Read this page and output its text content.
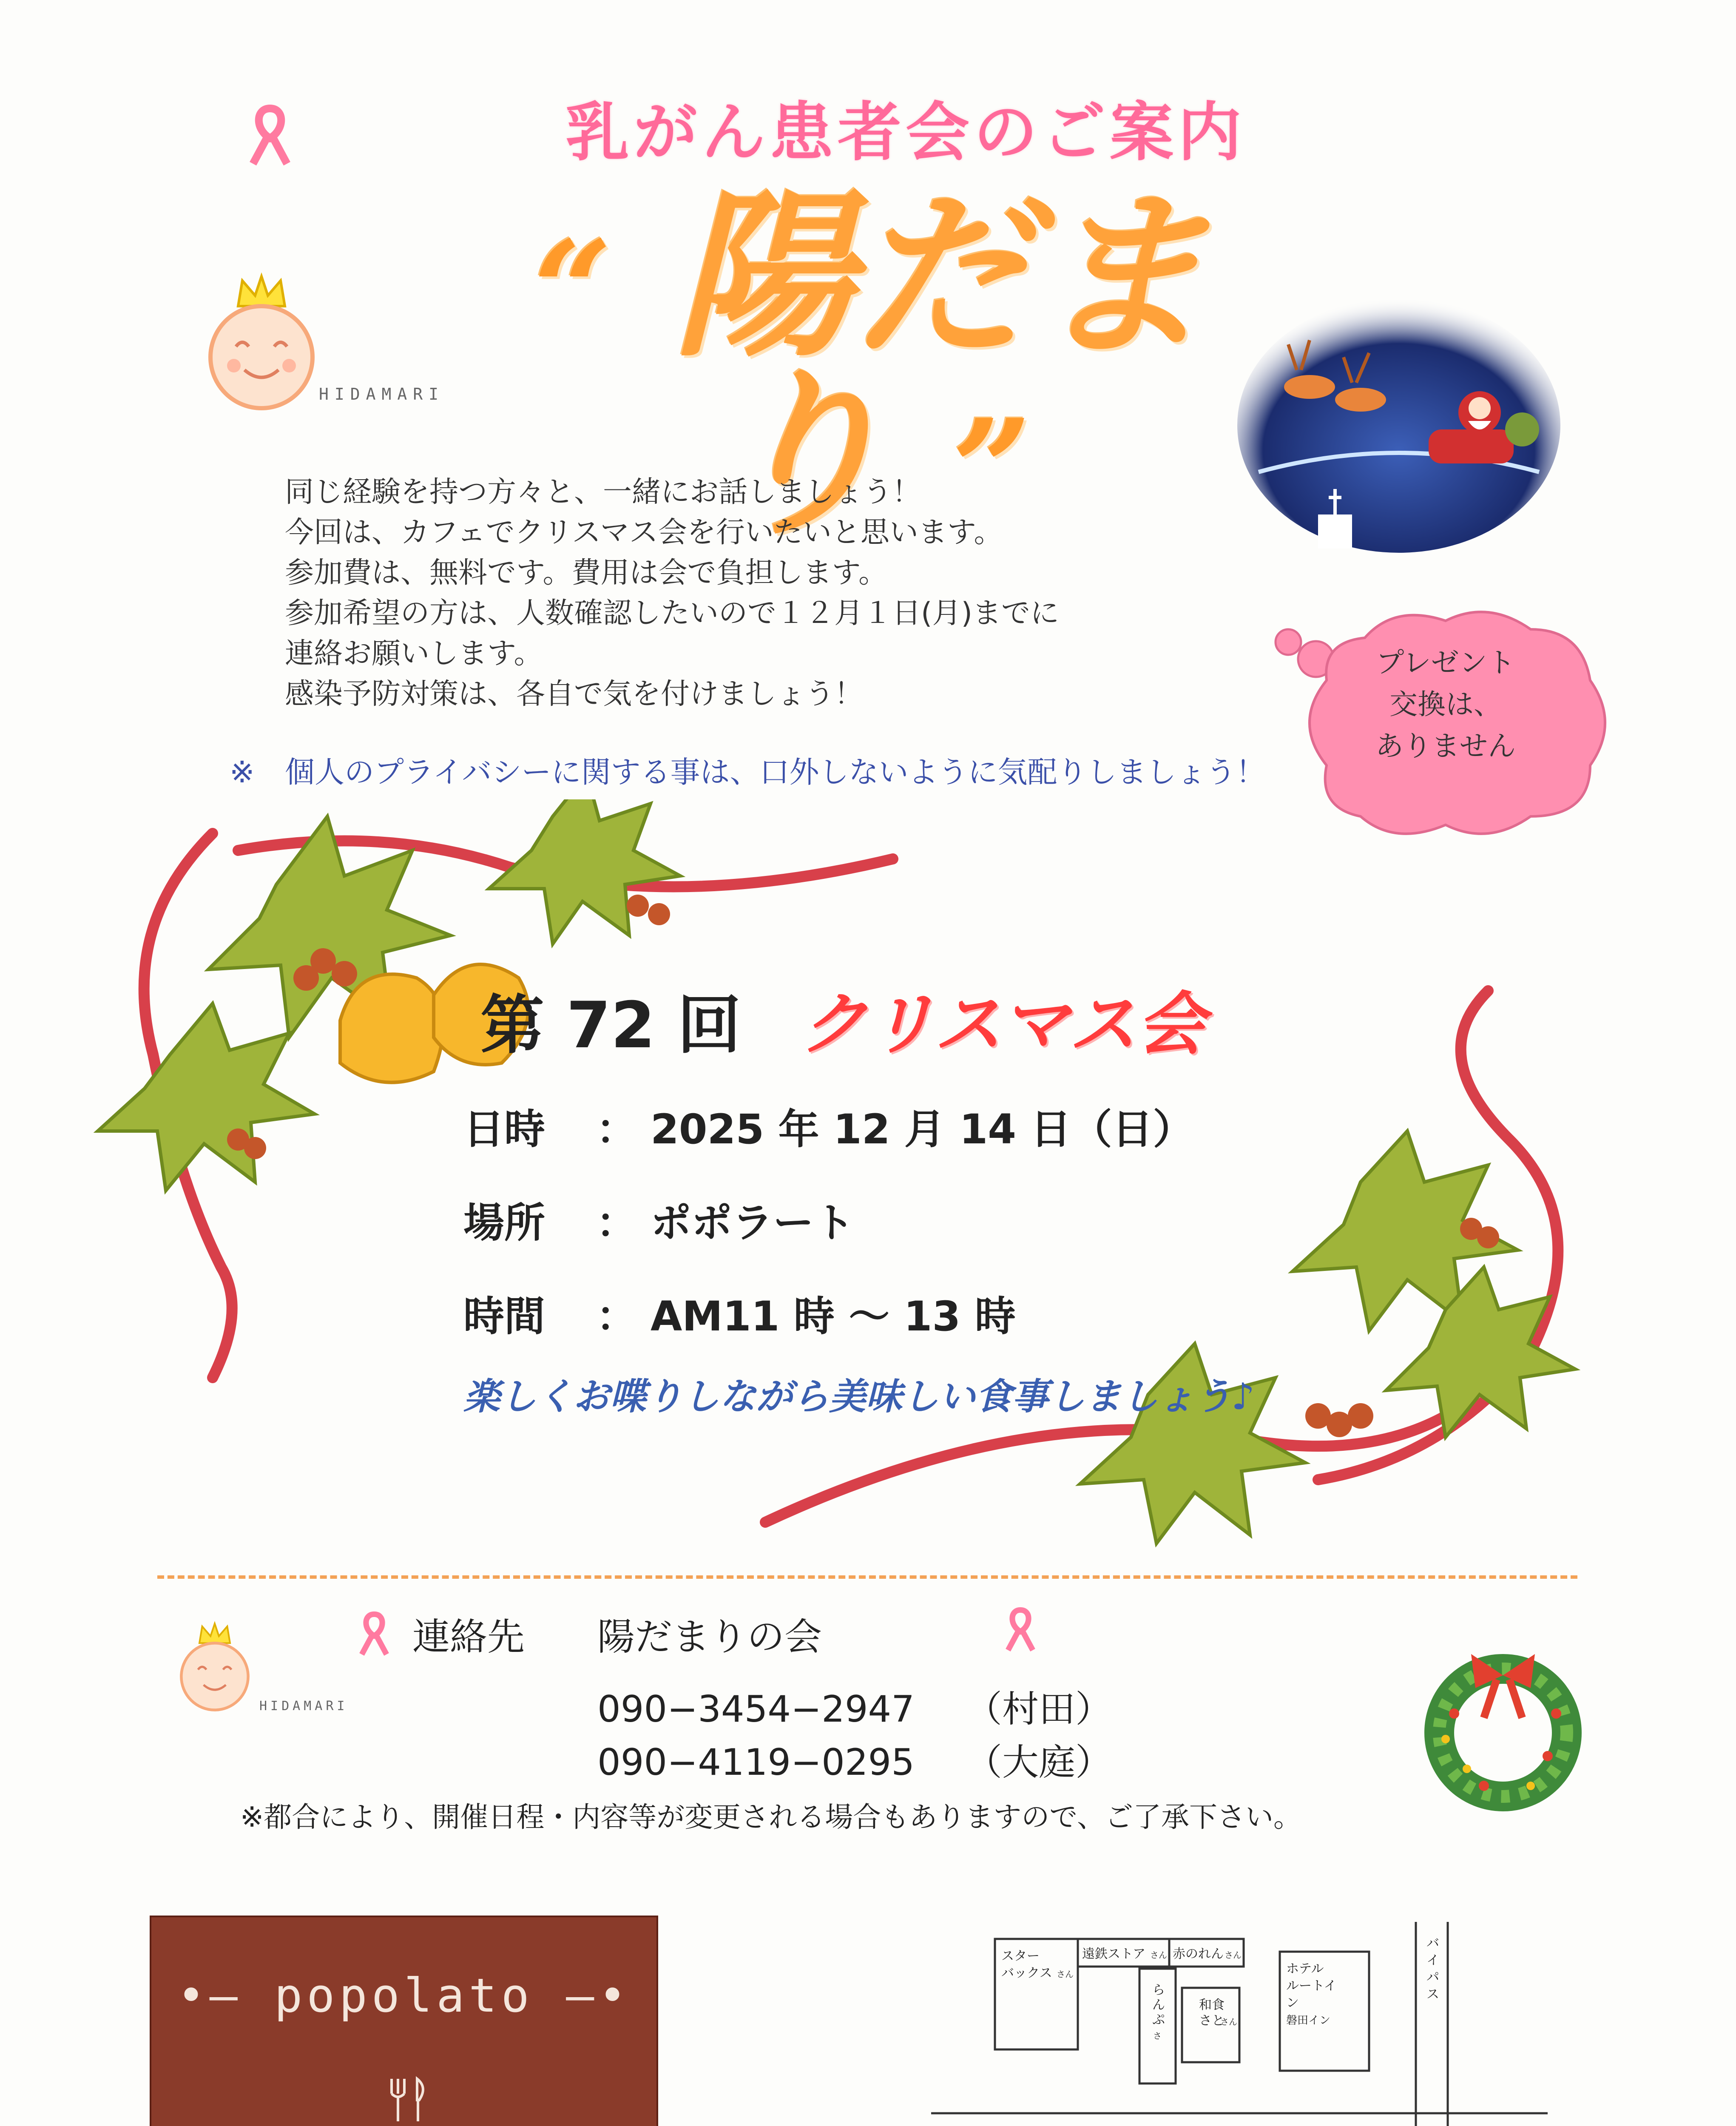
乳がん患者会のご案内
HIDAMARI
“ 陽だまり ”
同じ経験を持つ方々と、一緒にお話しましょう！
今回は、カフェでクリスマス会を行いたいと思います。
参加費は、無料です。費用は会で負担します。
参加希望の方は、人数確認したいので１２月１日(月)までに
連絡お願いします。
感染予防対策は、各自で気を付けましょう！
※ 個人のプライバシーに関する事は、口外しないように気配りしましょう！
プレゼント
交換は、
ありません
第 72 回 クリスマス会
日時 ： 2025 年 12 月 14 日（日）
場所 ： ポポラート
時間 ： AM11 時 ～ 13 時
楽しくお喋りしながら美味しい食事しましょう♪
HIDAMARI
連絡先 陽だまりの会
090−3454−2947 （村田）
090−4119−0295 （大庭）
※都合により、開催日程・内容等が変更される場合もありますので、ご了承下さい。
•— popolato —•
スター
バックス さん
遠鉄ストア さん 赤のれん さん
ら
ん
ぷ
さ
和食
さと
さん
ホテル
ルートイ
ン
磐田イン
バ
イ
パ
ス
